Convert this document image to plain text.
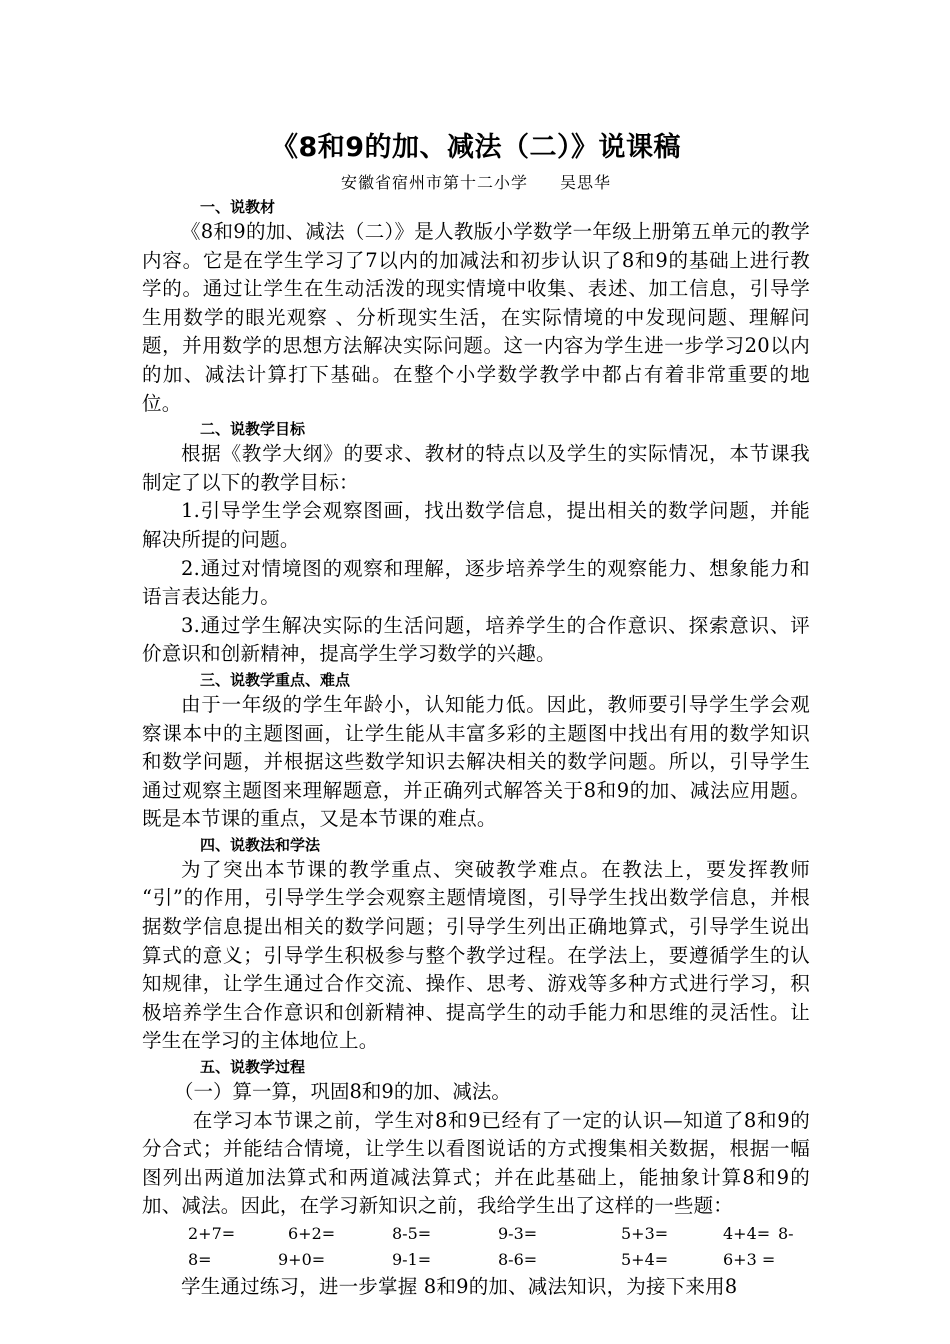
《8和9的加、减法（二）》说课稿

安徽省宿州市第十二小学 吴思华

一、说教材

《8和9的加、减法（二）》是人教版小学数学一年级上册第五单元的教学内容。它是在学生学习了7以内的加减法和初步认识了8和9的基础上进行教学的。通过让学生在生动活泼的现实情境中收集、表述、加工信息，引导学生用数学的眼光观察 、分析现实生活，在实际情境的中发现问题、理解问题，并用数学的思想方法解决实际问题。这一内容为学生进一步学习20以内的加、减法计算打下基础。在整个小学数学教学中都占有着非常重要的地位。

二、说教学目标

根据《教学大纲》的要求、教材的特点以及学生的实际情况，本节课我制定了以下的教学目标：

1.引导学生学会观察图画，找出数学信息，提出相关的数学问题，并能解决所提的问题。

2.通过对情境图的观察和理解，逐步培养学生的观察能力、想象能力和语言表达能力。

3.通过学生解决实际的生活问题，培养学生的合作意识、探索意识、评价意识和创新精神，提高学生学习数学的兴趣。

三、说教学重点、难点

由于一年级的学生年龄小，认知能力低。因此，教师要引导学生学会观察课本中的主题图画，让学生能从丰富多彩的主题图中找出有用的数学知识和数学问题，并根据这些数学知识去解决相关的数学问题。所以，引导学生通过观察主题图来理解题意，并正确列式解答关于8和9的加、减法应用题。既是本节课的重点，又是本节课的难点。

四、说教法和学法

为了突出本节课的教学重点、突破教学难点。在教法上，要发挥教师 “引”的作用，引导学生学会观察主题情境图，引导学生找出数学信息，并根据数学信息提出相关的数学问题；引导学生列出正确地算式，引导学生说出算式的意义；引导学生积极参与整个教学过程。在学法上，要遵循学生的认知规律，让学生通过合作交流、操作、思考、游戏等多种方式进行学习，积极培养学生合作意识和创新精神、提高学生的动手能力和思维的灵活性。让学生在学习的主体地位上。

五、说教学过程

（一）算一算，巩固8和9的加、减法。

在学习本节课之前，学生对8和9已经有了一定的认识—知道了8和9的分合式；并能结合情境，让学生以看图说话的方式搜集相关数据，根据一幅图列出两道加法算式和两道减法算式；并在此基础上，能抽象计算8和9的加、减法。因此，在学习新知识之前，我给学生出了这样的一些题：

2+7=	6+2=	8-5=	9-3=	5+3=	4+4= 8-
8=	9+0=	9-1=	8-6=	5+4=	6+3 =

学生通过练习，进一步掌握 8和9的加、减法知识，为接下来用8
